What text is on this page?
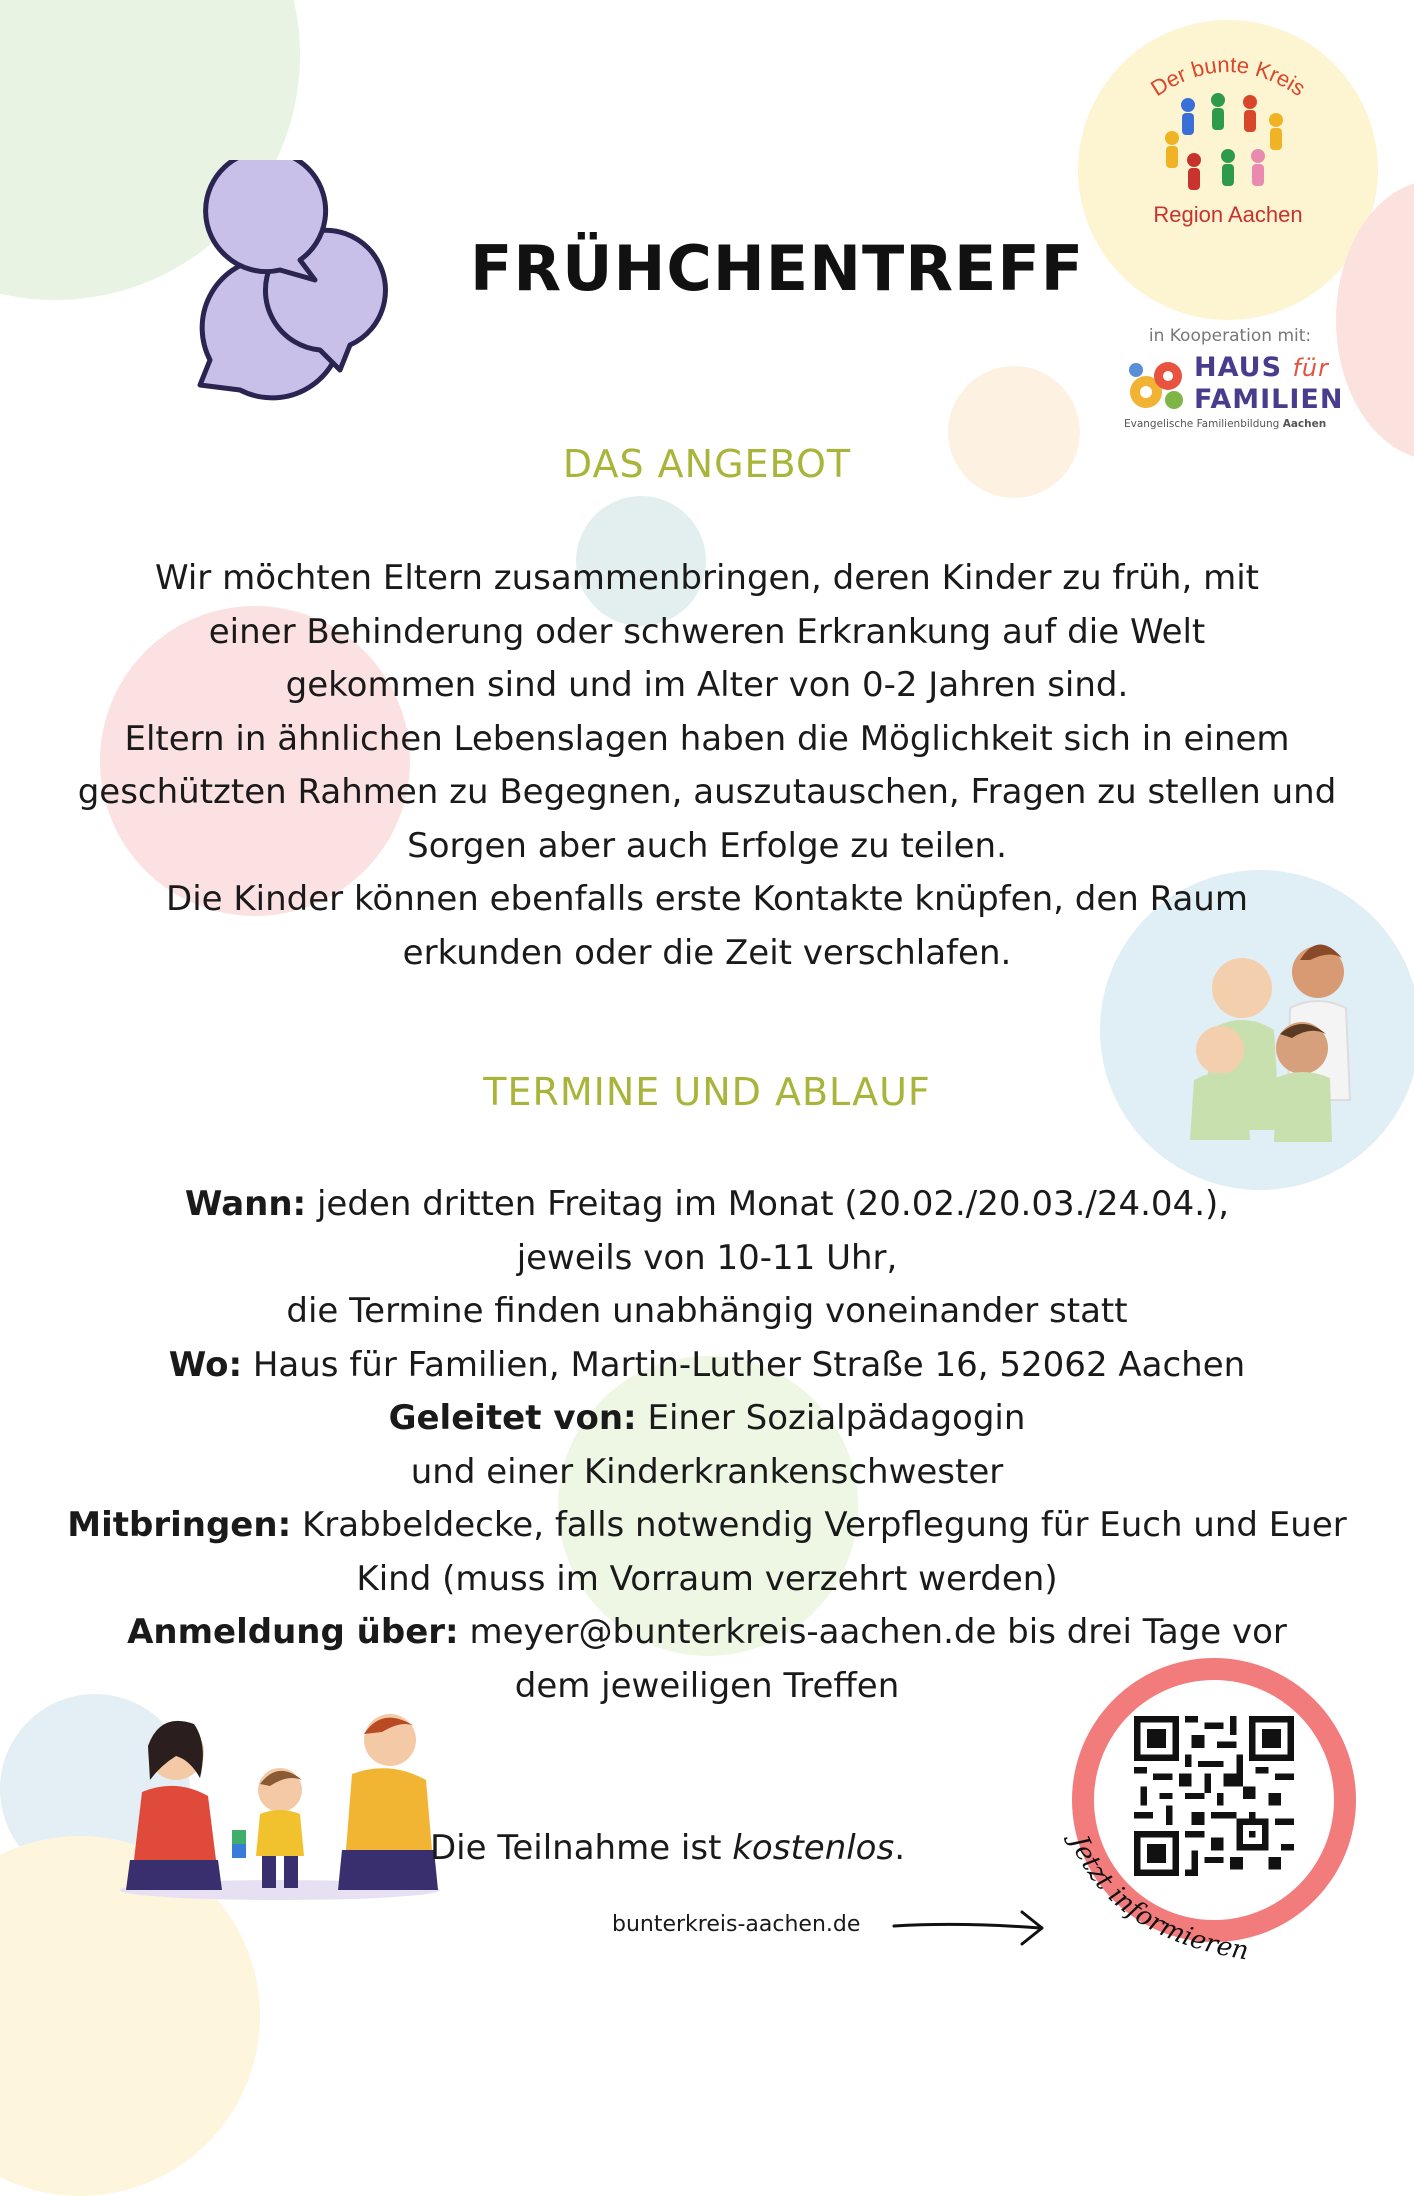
FRÜHCHENTREFF
Der bunte Kreis
Region Aachen
in Kooperation mit:
HAUS für
FAMILIEN
Evangelische Familienbildung Aachen
DAS ANGEBOT

Wir möchten Eltern zusammenbringen, deren Kinder zu früh, mit einer Behinderung oder schweren Erkrankung auf die Welt gekommen sind und im Alter von 0-2 Jahren sind.

Eltern in ähnlichen Lebenslagen haben die Möglichkeit sich in einem geschützten Rahmen zu Begegnen, auszutauschen, Fragen zu stellen und Sorgen aber auch Erfolge zu teilen.

Die Kinder können ebenfalls erste Kontakte knüpfen, den Raum erkunden oder die Zeit verschlafen.

TERMINE UND ABLAUF

Wann: jeden dritten Freitag im Monat (20.02./20.03./24.04.),

jeweils von 10-11 Uhr,

die Termine finden unabhängig voneinander statt

Wo: Haus für Familien, Martin-Luther Straße 16, 52062 Aachen

Geleitet von: Einer Sozialpädagogin und einer Kinderkrankenschwester

Mitbringen: Krabbeldecke, falls notwendig Verpflegung für Euch und Euer Kind (muss im Vorraum verzehrt werden)

Anmeldung über: meyer@bunterkreis-aachen.de bis drei Tage vor dem jeweiligen Treffen

Die Teilnahme ist kostenlos.
bunterkreis-aachen.de
Jetzt informieren
